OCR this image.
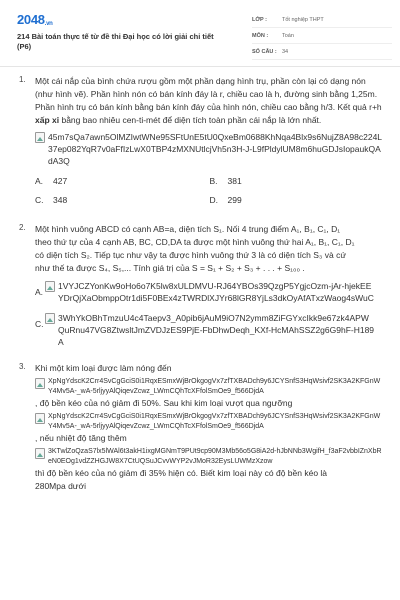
2048.vn
214 Bài toán thực tế từ đề thi Đại học có lời giải chi tiết
(P6)
LỚP :	Tốt nghiệp THPT
MÔN :	Toán
SỐ CÂU : 34
1. Một cái nắp của bình chứa rượu gồm một phần dạng hình trụ, phần còn lại có dạng nón (như hình vẽ). Phần hình nón có bán kính đáy là r, chiều cao là h, đường sinh bằng 1,25m. Phần hình trụ có bán kính bằng bán kính đáy của hình nón, chiều cao bằng h/3. Kết quả r+h xấp xỉ bằng bao nhiêu cen-ti-mét để diện tích toàn phần cái nắp là lớn nhất.
45m7sQa7awn5OlMZIwtWNe95SFtUnE5tU0QxeBm0688KhNqa4Blx9s6NujZ8A98c224L37ep082YqR7v0aFfIzLwX0TBP4zMXNUtlcjVh5n3H-J-L9fPldylUM8m6huGDJsIopaukQAdA3Q
A.	427	B.	381
C.	348	D.	299
2. Một hình vuông ABCD có cạnh AB=a, diện tích S₁. Nối 4 trung điểm A₁, B₁, C₁, D₁
theo thứ tự của 4 cạnh AB, BC, CD,DA ta được một hình vuông thứ hai A₁, B₁, C₁, D₁
có diện tích S₂. Tiếp tục như vậy ta được hình vuông thứ 3 là có diện tích S₃ và cứ
như thế ta được S₄, S₅,... Tính giá trị của S = S₁ + S₂ + S₃ + . . . + S₁₀₀ .
A.
1VYJCZYonKw9oHo6o7K5lw8xULDMVU-RJ64YBOs39QzgP5YgjcOzm-jAr-hjekEEYDrQjXaObmppOtr1di5F0BEx4zTWRDlXJYr68lGR8YjLs3dkOyAfATxzWaog4sWuC
C.
3WhYkOBhTmzuU4c4Taepv3_A0pib6jAuM9iO7N2ymm8ZiFGYxcIkk9e67zk4APWQuRnu47VG8ZtwsltJmZVDJzES9PjE-FbDhwDeqh_KXf-HcMAhSSZ2g6G9hF-H189A
3. Khi một kim loại được làm nóng đến
XpNgYdscK2Crr4SvCgGciS0i1RqxESmxWjBrOkgogVx7zfTXBADch9y6JCYSnfS3HqWsivf2SK3A2KFGnWY4Mv5A-_wA-5rljyyAlQiqevZcwz_LWmCQhTcXFfolSmOe9_f566DjdA
, độ bền kéo của nó giảm đi 50%. Sau khi kim loại vượt qua ngưỡng
XpNgYdscK2Crr4SvCgGciS0i1RqxESmxWjBrOkgogVx7zfTXBADch9y6JCYSnfS3HqWsivf2SK3A2KFGnWY4Mv5A-_wA-5rljyyAlQiqevZcwz_LWmCQhTcXFfolSmOe9_f566DjdA
, nếu nhiệt độ tăng thêm
3KTwlZoQzaS7lx5lWAl6t3akH1ixgMGNmT9PUt9cp90M3Mb56o5G8iA2d-hJbNNb3WgifH_f3aF2vbbIZnXbReN0EOg1vdZZHGJW8X7CtUQSuJCvvWYP2vJMoR32EysLUWMzXzow
thì độ bền kéo của nó giảm đi 35% hiện có. Biết kim loại này có độ bền kéo là
280Mpa dưới
